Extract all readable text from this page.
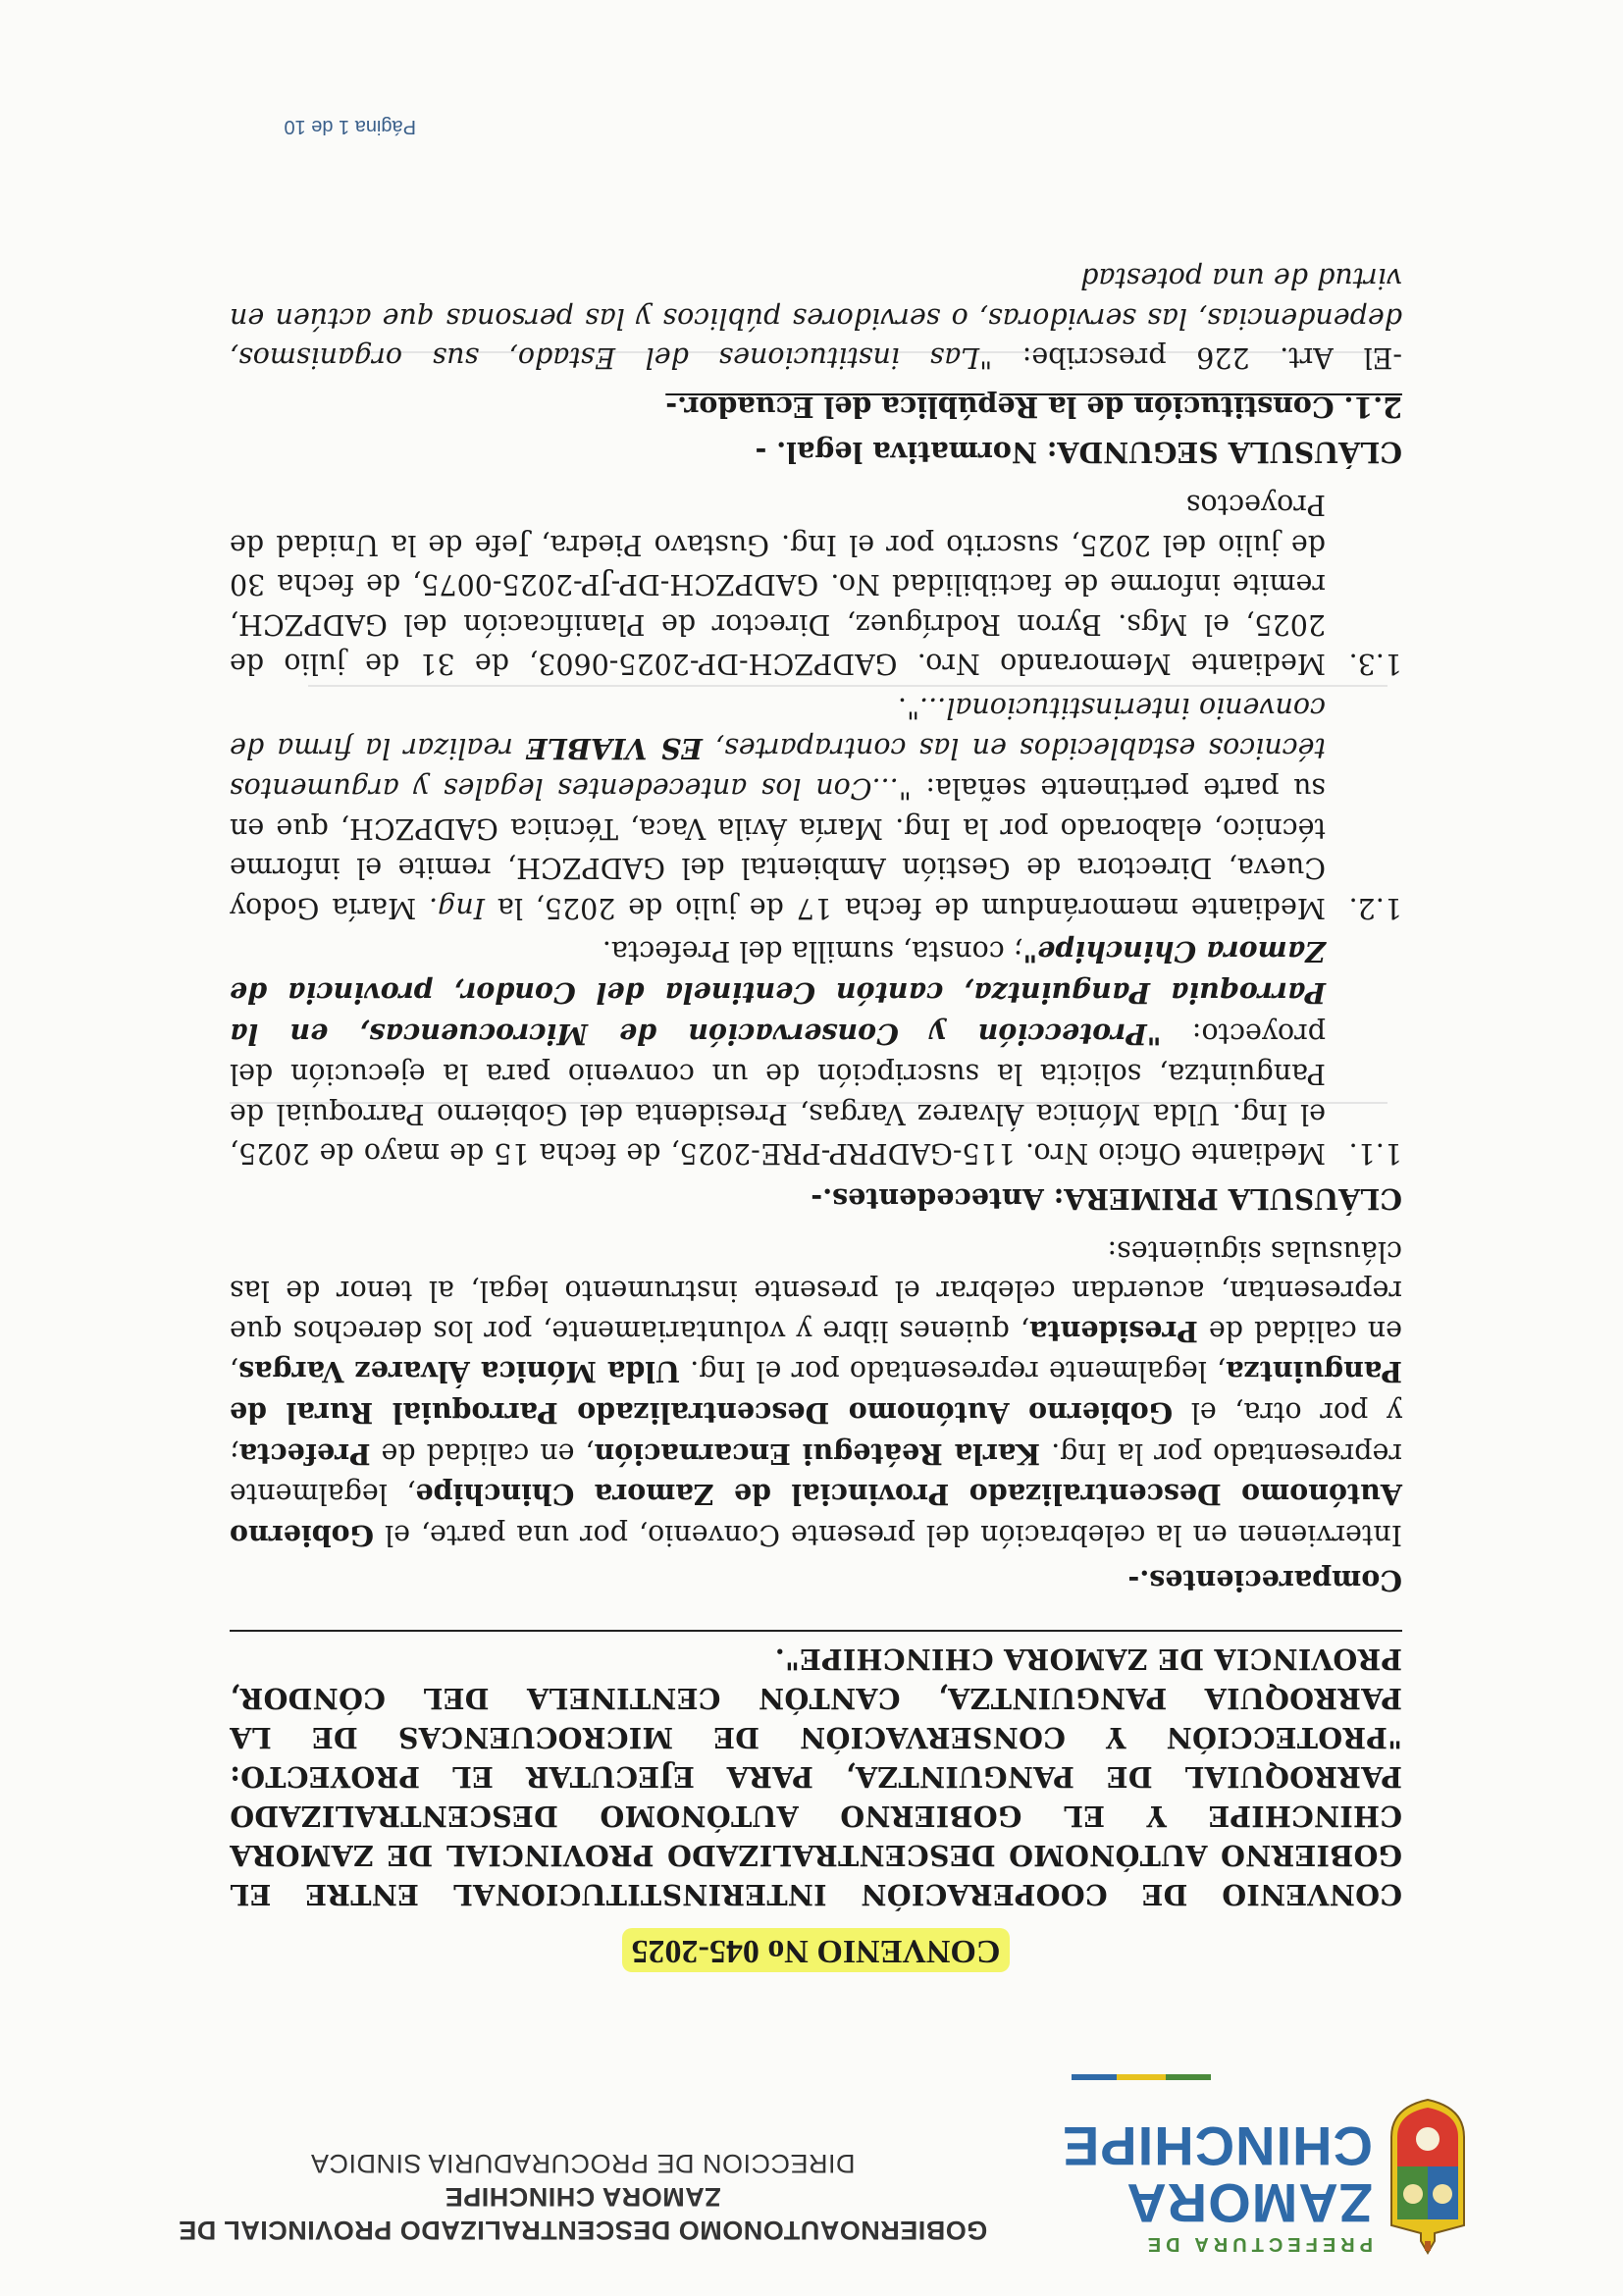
PREFECTURA DE
ZAMORA
CHINCHIPE
GOBIERNOAUTONOMO DESCENTRALIZADO PROVINCIAL DE
ZAMORA CHINCHIPE
DIRECCION DE PROCURADURIA SINDICA
CONVENIO No 045-2025
CONVENIO DE COOPERACIÓN INTERINSTITUCIONAL ENTRE EL GOBIERNO AUTÓNOMO DESCENTRALIZADO PROVINCIAL DE ZAMORA CHINCHIPE Y EL GOBIERNO AUTÓNOMO DESCENTRALIZADO PARROQUIAL DE PANGUINTZA, PARA EJECUTAR EL PROYECTO: "PROTECCIÓN Y CONSERVACIÓN DE MICROCUENCAS DE LA PARROQUIA PANGUINTZA, CANTÓN CENTINELA DEL CÓNDOR, PROVINCIA DE ZAMORA CHINCHIPE".
Comparecientes.-

Intervienen en la celebración del presente Convenio, por una parte, el Gobierno Autónomo Descentralizado Provincial de Zamora Chinchipe, legalmente representado por la Ing. Karla Reátegui Encarnación, en calidad de Prefecta; y por otra, el Gobierno Autónomo Descentralizado Parroquial Rural de Panguintza, legalmente representado por el Ing. Ulda Mónica Álvarez Vargas, en calidad de Presidenta, quienes libre y voluntariamente, por los derechos que representan, acuerdan celebrar el presente instrumento legal, al tenor de las cláusulas siguientes:

CLÁUSULA PRIMERA: Antecedentes.-
1.1.
Mediante Oficio Nro. 115-GADPRP-PRE-2025, de fecha 15 de mayo de 2025, el Ing. Ulda Mónica Álvarez Vargas, Presidenta del Gobierno Parroquial de Panguintza, solicita la suscripción de un convenio para la ejecución del proyecto: "Protección y Conservación de Microcuencas, en la Parroquia Panguintza, cantón Centinela del Condor, provincia de Zamora Chinchipe"; consta, sumilla del Prefecta.
1.2.
Mediante memorándum de fecha 17 de julio de 2025, la Ing. María Godoy Cueva, Directora de Gestión Ambiental del GADPZCH, remite el informe técnico, elaborado por la Ing. María Ávila Vaca, Técnica GADPZCH, que en su parte pertinente señala: "...Con los antecedentes legales y argumentos técnicos establecidos en las contrapartes, ES VIABLE realizar la firma de convenio interinstitucional...".
1.3.
Mediante Memorando Nro. GADPZCH-DP-2025-0603, de 31 de julio de 2025, el Mgs. Byron Rodríguez, Director de Planificación del GADPZCH, remite informe de factibilidad No. GADPZCH-DP-JP-2025-0075, de fecha 30 de julio del 2025, suscrito por el Ing. Gustavo Piedra, Jefe de la Unidad de Proyectos
CLÁUSULA SEGUNDA: Normativa legal. -
2.1. Constitución de la República del Ecuador.-

-El Art. 226 prescribe: "Las instituciones del Estado, sus organismos, dependencias, las servidoras, o servidores públicos y las personas que actúen en virtud de una potestad

Página 1 de 10
